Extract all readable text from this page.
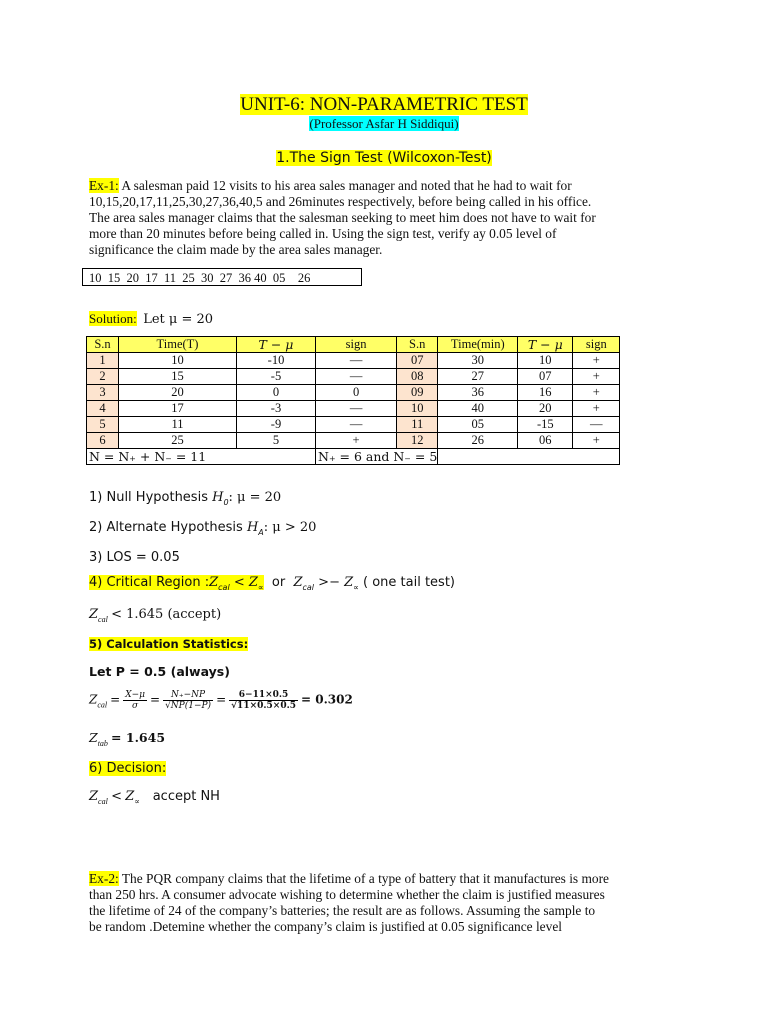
UNIT-6: NON-PARAMETRIC TEST
(Professor Asfar H Siddiqui)
1.The Sign Test (Wilcoxon-Test)
Ex-1: A salesman paid 12 visits to his area sales manager and noted that he had to wait for
10,15,20,17,11,25,30,27,36,40,5 and 26minutes respectively, before being called in his office.
The area sales manager claims that the salesman seeking to meet him does not have to wait for
more than 20 minutes before being called in. Using the sign test, verify ay 0.05 level of
significance the claim made by the area sales manager.
10  15  20  17  11  25  30  27  36 40  05    26
Solution: Let μ = 20
S.n	Time(T)	T − μ	sign	S.n	Time(min)	T − μ	sign
1	10	-10	—	07	30	10	+
2	15	-5	—	08	27	07	+
3	20	0	0	09	36	16	+
4	17	-3	—	10	40	20	+
5	11	-9	—	11	05	-15	—
6	25	5	+	12	26	06	+
N = N₊ + N₋ = 11			N₊ = 6 and N₋ = 5				
1) Null Hypothesis $H_0$: μ = 20
2) Alternate Hypothesis $H_A$: μ > 20
3) LOS = 0.05
4) Critical Region $:Z_{cal} < Z_\propto$  or  $Z_{cal} >- Z_\propto$ ( one tail test)
$Z_{cal} < 1.645$ (accept)
5) Calculation Statistics:
Let P = 0.5 (always)
$Z_{cal} = \frac{X-\mu}{\sigma} = \frac{N_+-NP}{√NP(1-P)} = \frac{6-11\times 0.5}{√11\times 0.5\times 0.5} = 0.302$
$Z_{tab} = 1.645$
6) Decision:
$Z_{cal} < Z_\propto$ accept NH
Ex-2: The PQR company claims that the lifetime of a type of battery that it manufactures is more
than 250 hrs. A consumer advocate wishing to determine whether the claim is justified measures
the lifetime of 24 of the company’s batteries; the result are as follows. Assuming the sample to
be random .Detemine whether the company’s claim is justified at 0.05 significance level
